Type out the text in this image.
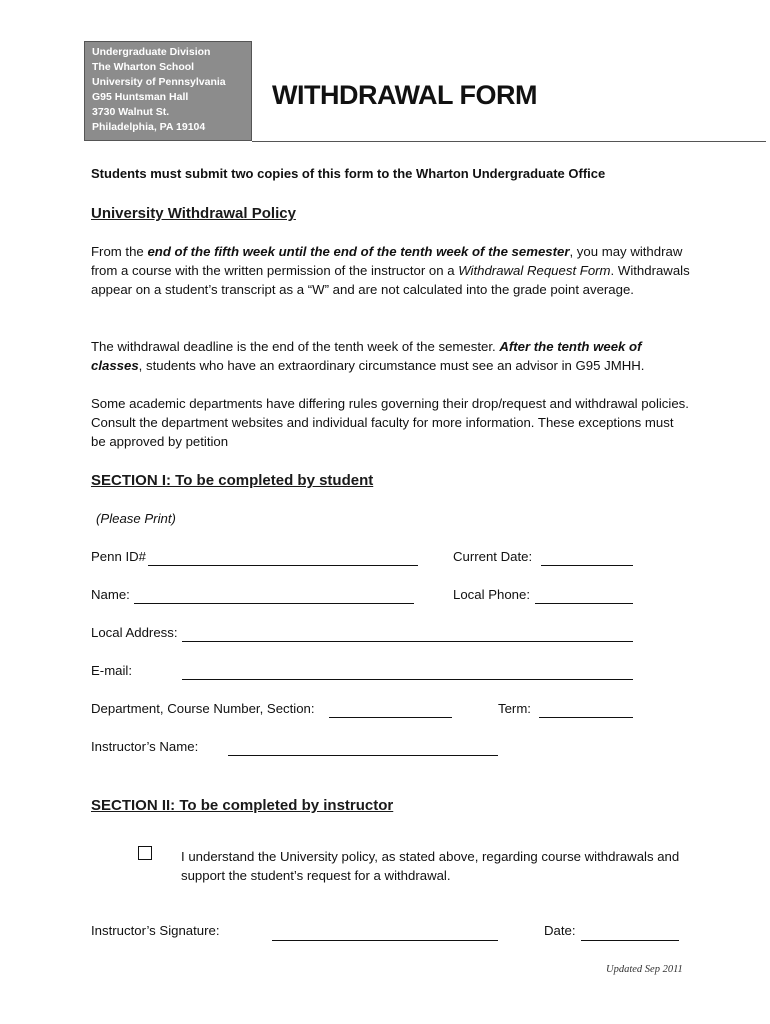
Undergraduate Division
The Wharton School
University of Pennsylvania
G95 Huntsman Hall
3730 Walnut St.
Philadelphia, PA 19104
WITHDRAWAL FORM
Students must submit two copies of this form to the Wharton Undergraduate Office
University Withdrawal Policy
From the end of the fifth week until the end of the tenth week of the semester, you may withdraw from a course with the written permission of the instructor on a Withdrawal Request Form. Withdrawals appear on a student’s transcript as a “W” and are not calculated into the grade point average.
The withdrawal deadline is the end of the tenth week of the semester. After the tenth week of classes, students who have an extraordinary circumstance must see an advisor in G95 JMHH.
Some academic departments have differing rules governing their drop/request and withdrawal policies. Consult the department websites and individual faculty for more information. These exceptions must be approved by petition
SECTION I: To be completed by student
(Please Print)
Penn ID#	Current Date:
Name:	Local Phone:
Local Address:
E-mail:
Department, Course Number, Section:	Term:
Instructor’s Name:
SECTION II: To be completed by instructor
I understand the University policy, as stated above, regarding course withdrawals and support the student’s request for a withdrawal.
Instructor’s Signature:	Date:
Updated Sep 2011
